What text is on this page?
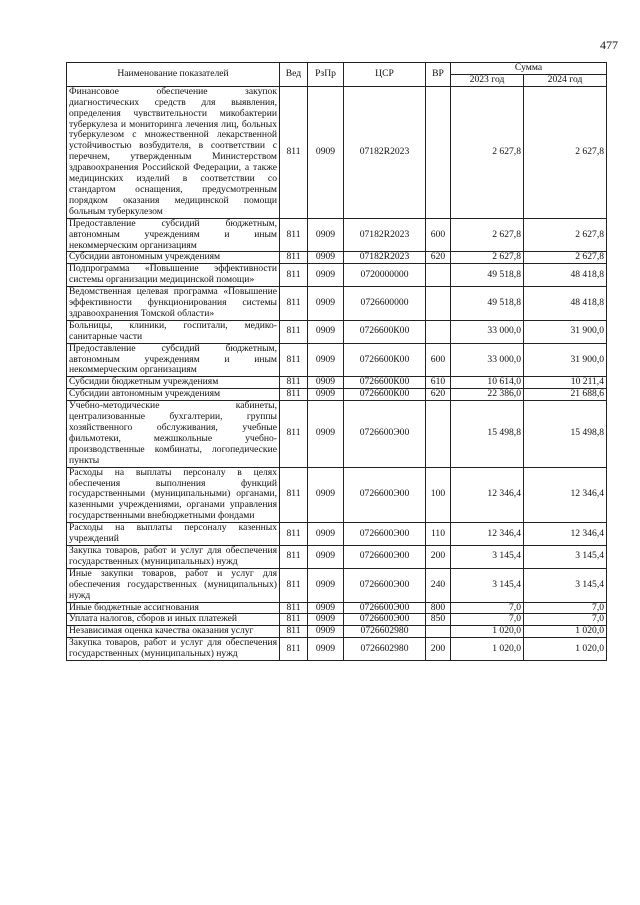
477
Наименование показателей	Вед	РзПр	ЦСР	ВР	Сумма	
					2023 год	2024 год
Финансовое обеспечение закупок диагностических средств для выявления, определения чувствительности микобактерии туберкулеза и мониторинга лечения лиц, больных туберкулезом с множественной лекарственной устойчивостью возбудителя, в соответствии с перечнем, утвержденным Министерством здравоохранения Российской Федерации, а также медицинских изделий в соответствии со стандартом оснащения, предусмотренным порядком оказания медицинской помощи больным туберкулезом	811	0909	07182R2023		2 627,8	2 627,8
Предоставление субсидий бюджетным, автономным учреждениям и иным некоммерческим организациям	811	0909	07182R2023	600	2 627,8	2 627,8
Субсидии автономным учреждениям	811	0909	07182R2023	620	2 627,8	2 627,8
Подпрограмма «Повышение эффективности системы организации медицинской помощи»	811	0909	0720000000		49 518,8	48 418,8
Ведомственная целевая программа «Повышение эффективности функционирования системы здравоохранения Томской области»	811	0909	0726600000		49 518,8	48 418,8
Больницы, клиники, госпитали, медико-санитарные части	811	0909	0726600К00		33 000,0	31 900,0
Предоставление субсидий бюджетным, автономным учреждениям и иным некоммерческим организациям	811	0909	0726600К00	600	33 000,0	31 900,0
Субсидии бюджетным учреждениям	811	0909	0726600К00	610	10 614,0	10 211,4
Субсидии автономным учреждениям	811	0909	0726600К00	620	22 386,0	21 688,6
Учебно-методические кабинеты, централизованные бухгалтерии, группы хозяйственного обслуживания, учебные фильмотеки, межшкольные учебно-производственные комбинаты, логопедические пункты	811	0909	0726600Э00		15 498,8	15 498,8
Расходы на выплаты персоналу в целях обеспечения выполнения функций государственными (муниципальными) органами, казенными учреждениями, органами управления государственными внебюджетными фондами	811	0909	0726600Э00	100	12 346,4	12 346,4
Расходы на выплаты персоналу казенных учреждений	811	0909	0726600Э00	110	12 346,4	12 346,4
Закупка товаров, работ и услуг для обеспечения государственных (муниципальных) нужд	811	0909	0726600Э00	200	3 145,4	3 145,4
Иные закупки товаров, работ и услуг для обеспечения государственных (муниципальных) нужд	811	0909	0726600Э00	240	3 145,4	3 145,4
Иные бюджетные ассигнования	811	0909	0726600Э00	800	7,0	7,0
Уплата налогов, сборов и иных платежей	811	0909	0726600Э00	850	7,0	7,0
Независимая оценка качества оказания услуг	811	0909	0726602980		1 020,0	1 020,0
Закупка товаров, работ и услуг для обеспечения государственных (муниципальных) нужд	811	0909	0726602980	200	1 020,0	1 020,0
